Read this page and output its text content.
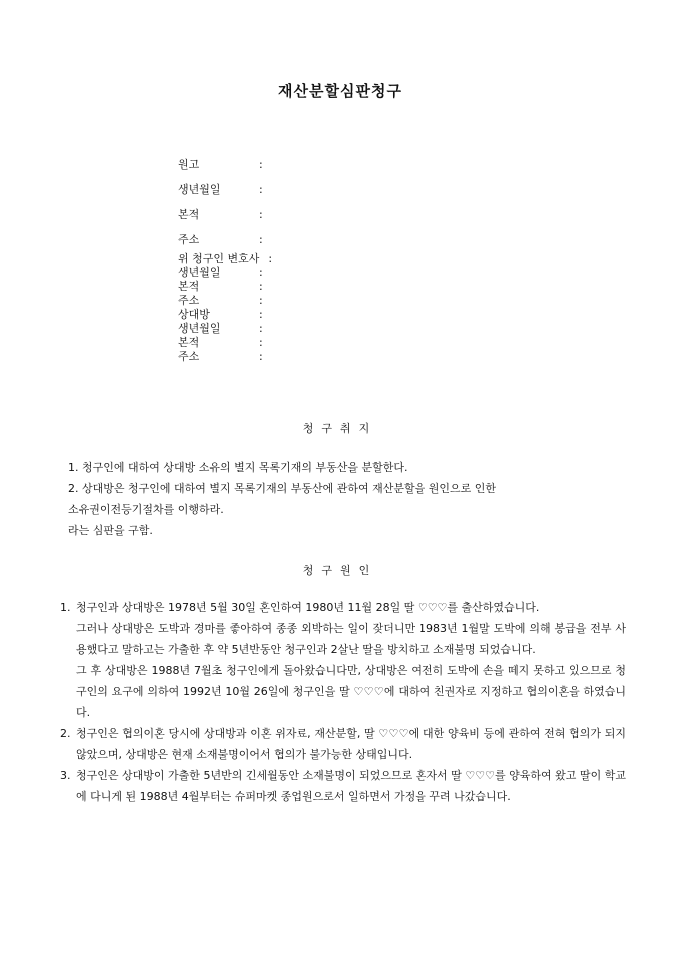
재산분할심판청구
원고	:
생년월일	:
본적	:
주소	:
위 청구인 변호사 :
생년월일	:
본적	:
주소	:
상대방	:
생년월일	:
본적	:
주소	:
청구취지

1. 청구인에 대하여 상대방 소유의 별지 목록기재의 부동산을 분할한다.

2. 상대방은 청구인에 대하여 별지 목록기재의 부동산에 관하여 재산분할을 원인으로 인한

소유권이전등기절차를 이행하라.

라는 심판을 구함.

청구원인
1. 청구인과 상대방은 1978년 5월 30일 혼인하여 1980년 11월 28일 딸 ♡♡♡를 출산하였습니다.

그러나 상대방은 도박과 경마를 좋아하여 종종 외박하는 일이 잦더니만 1983년 1월말 도박에 의해 봉급을 전부 사용했다고 말하고는 가출한 후 약 5년반동안 청구인과 2살난 딸을 방치하고 소재불명 되었습니다.

그 후 상대방은 1988년 7월초 청구인에게 돌아왔습니다만, 상대방은 여전히 도박에 손을 떼지 못하고 있으므로 청구인의 요구에 의하여 1992년 10월 26일에 청구인을 딸 ♡♡♡에 대하여 친권자로 지정하고 협의이혼을 하였습니다.

2. 청구인은 협의이혼 당시에 상대방과 이혼 위자료, 재산분할, 딸 ♡♡♡에 대한 양육비 등에 관하여 전혀 협의가 되지 않았으며, 상대방은 현재 소재불명이어서 협의가 불가능한 상태입니다.

3. 청구인은 상대방이 가출한 5년반의 긴세월동안 소재불명이 되었으므로 혼자서 딸 ♡♡♡를 양육하여 왔고 딸이 학교에 다니게 된 1988년 4월부터는 슈퍼마켓 종업원으로서 일하면서 가정을 꾸려 나갔습니다.
